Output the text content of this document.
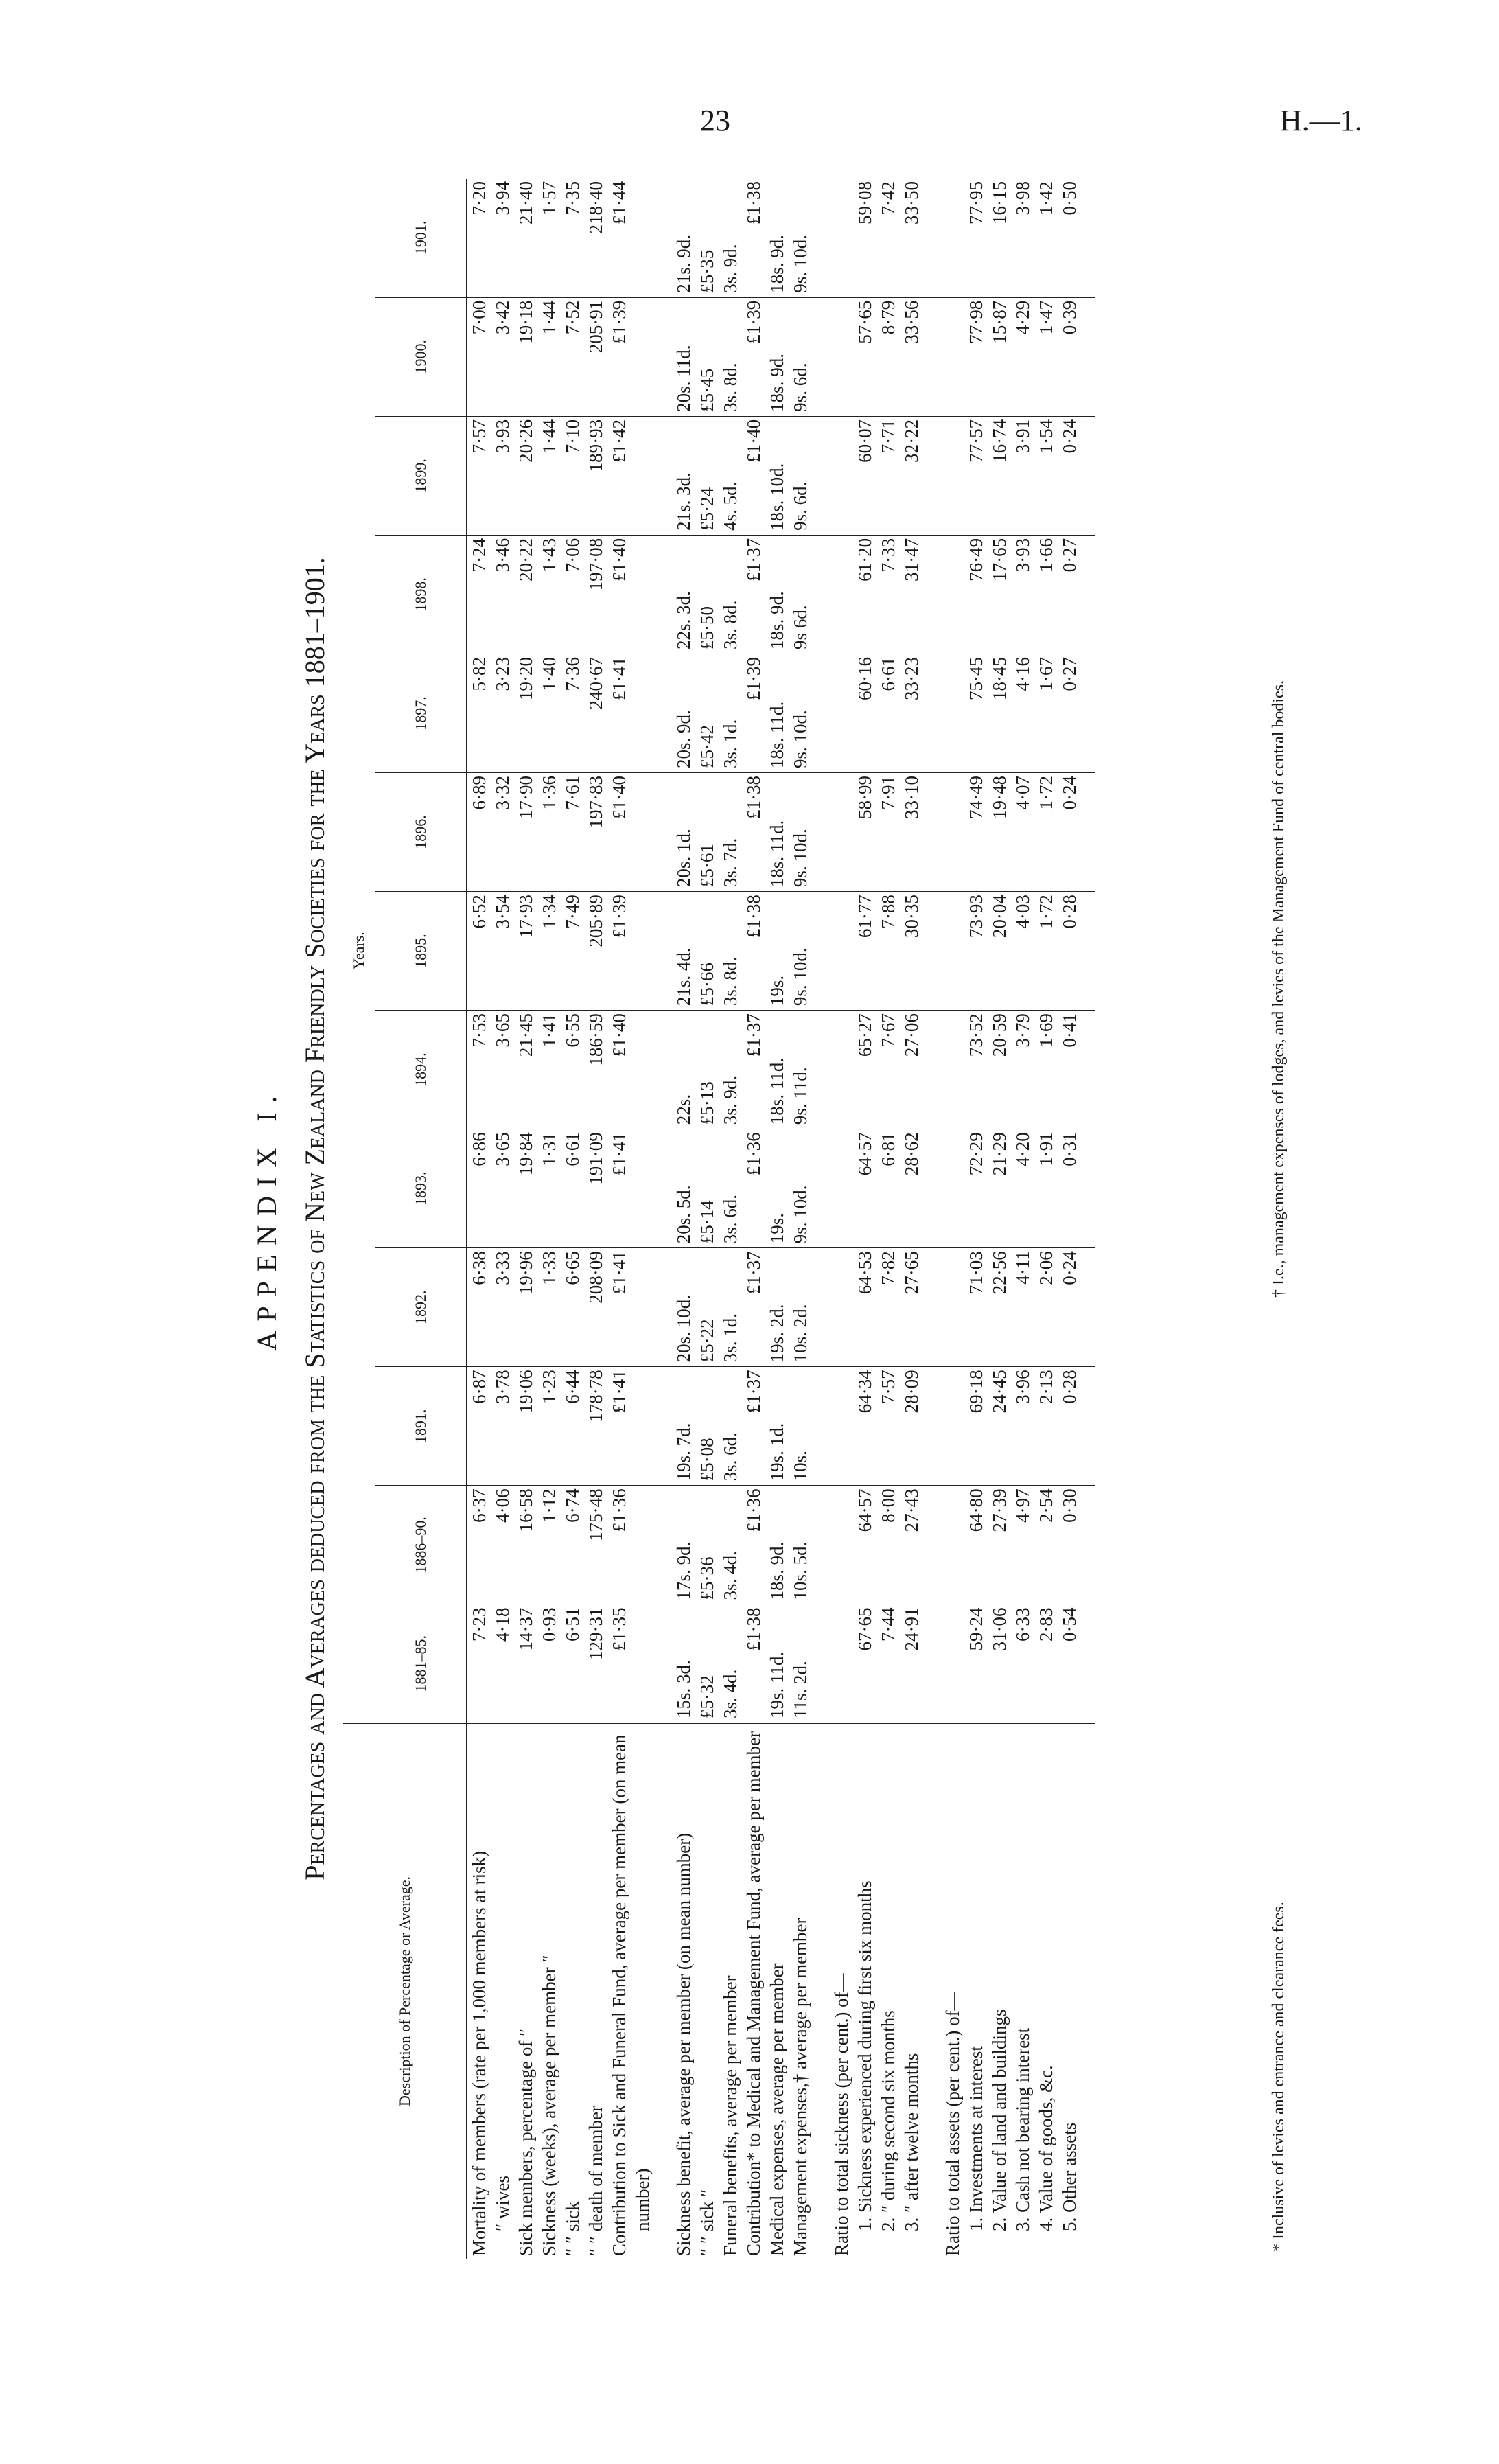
23	H.—1.
APPENDIX I. Percentages and Averages deduced from the Statistics of New Zealand Friendly Societies for the Years 1881–1901.
Description of Percentage or Average.	Years.												
	1881–85.	1886–90.	1891.	1892.	1893.	1894.	1895.	1896.	1897.	1898.	1899.	1900.	1901.
Mortality of members (rate per 1,000 members at risk)	7·23	6·37	6·87	6·38	6·86	7·53	6·52	6·89	5·82	7·24	7·57	7·00	7·20
″ wives	4·18	4·06	3·78	3·33	3·65	3·65	3·54	3·32	3·23	3·46	3·93	3·42	3·94
Sick members, percentage of ″	14·37	16·58	19·06	19·96	19·84	21·45	17·93	17·90	19·20	20·22	20·26	19·18	21·40
Sickness (weeks), average per member ″	0·93	1·12	1·23	1·33	1·31	1·41	1·34	1·36	1·40	1·43	1·44	1·44	1·57
″ ″ sick	6·51	6·74	6·44	6·65	6·61	6·55	7·49	7·61	7·36	7·06	7·10	7·52	7·35
″ ″ death of member	129·31	175·48	178·78	208·09	191·09	186·59	205·89	197·83	240·67	197·08	189·93	205·91	218·40
Contribution to Sick and Funeral Fund, average per member (on mean	£1·35	£1·36	£1·41	£1·41	£1·41	£1·40	£1·39	£1·40	£1·41	£1·40	£1·42	£1·39	£1·44
number)													

Sickness benefit, average per member (on mean number)	15s. 3d.	17s. 9d.	19s. 7d.	20s. 10d.	20s. 5d.	22s.	21s. 4d.	20s. 1d.	20s. 9d.	22s. 3d.	21s. 3d.	20s. 11d.	21s. 9d.
″ ″ sick ″	£5·32	£5·36	£5·08	£5·22	£5·14	£5·13	£5·66	£5·61	£5·42	£5·50	£5·24	£5·45	£5·35
Funeral benefits, average per member	3s. 4d.	3s. 4d.	3s. 6d.	3s. 1d.	3s. 6d.	3s. 9d.	3s. 8d.	3s. 7d.	3s. 1d.	3s. 8d.	4s. 5d.	3s. 8d.	3s. 9d.
Contribution* to Medical and Management Fund, average per member	£1·38	£1·36	£1·37	£1·37	£1·36	£1·37	£1·38	£1·38	£1·39	£1·37	£1·40	£1·39	£1·38
Medical expenses, average per member	19s. 11d.	18s. 9d.	19s. 1d.	19s. 2d.	19s.	18s. 11d.	19s.	18s. 11d.	18s. 11d.	18s. 9d.	18s. 10d.	18s. 9d.	18s. 9d.
Management expenses,† average per member	11s. 2d.	10s. 5d.	10s.	10s. 2d.	9s. 10d.	9s. 11d.	9s. 10d.	9s. 10d.	9s. 10d.	9s 6d.	9s. 6d.	9s. 6d.	9s. 10d.

Ratio to total sickness (per cent.) of—													
1. Sickness experienced during first six months	67·65	64·57	64·34	64·53	64·57	65·27	61·77	58·99	60·16	61·20	60·07	57·65	59·08
2. ″ during second six months	7·44	8·00	7·57	7·82	6·81	7·67	7·88	7·91	6·61	7·33	7·71	8·79	7·42
3. ″ after twelve months	24·91	27·43	28·09	27·65	28·62	27·06	30·35	33·10	33·23	31·47	32·22	33·56	33·50

Ratio to total assets (per cent.) of—													
1. Investments at interest	59·24	64·80	69·18	71·03	72·29	73·52	73·93	74·49	75·45	76·49	77·57	77·98	77·95
2. Value of land and buildings	31·06	27·39	24·45	22·56	21·29	20·59	20·04	19·48	18·45	17·65	16·74	15·87	16·15
3. Cash not bearing interest	6·33	4·97	3·96	4·11	4·20	3·79	4·03	4·07	4·16	3·93	3·91	4·29	3·98
4. Value of goods, &c.	2·83	2·54	2·13	2·06	1·91	1·69	1·72	1·72	1·67	1·66	1·54	1·47	1·42
5. Other assets	0·54	0·30	0·28	0·24	0·31	0·41	0·28	0·24	0·27	0·27	0·24	0·39	0·50

* Inclusive of levies and entrance and clearance fees.
† I.e., management expenses of lodges, and levies of the Management Fund of central bodies.
